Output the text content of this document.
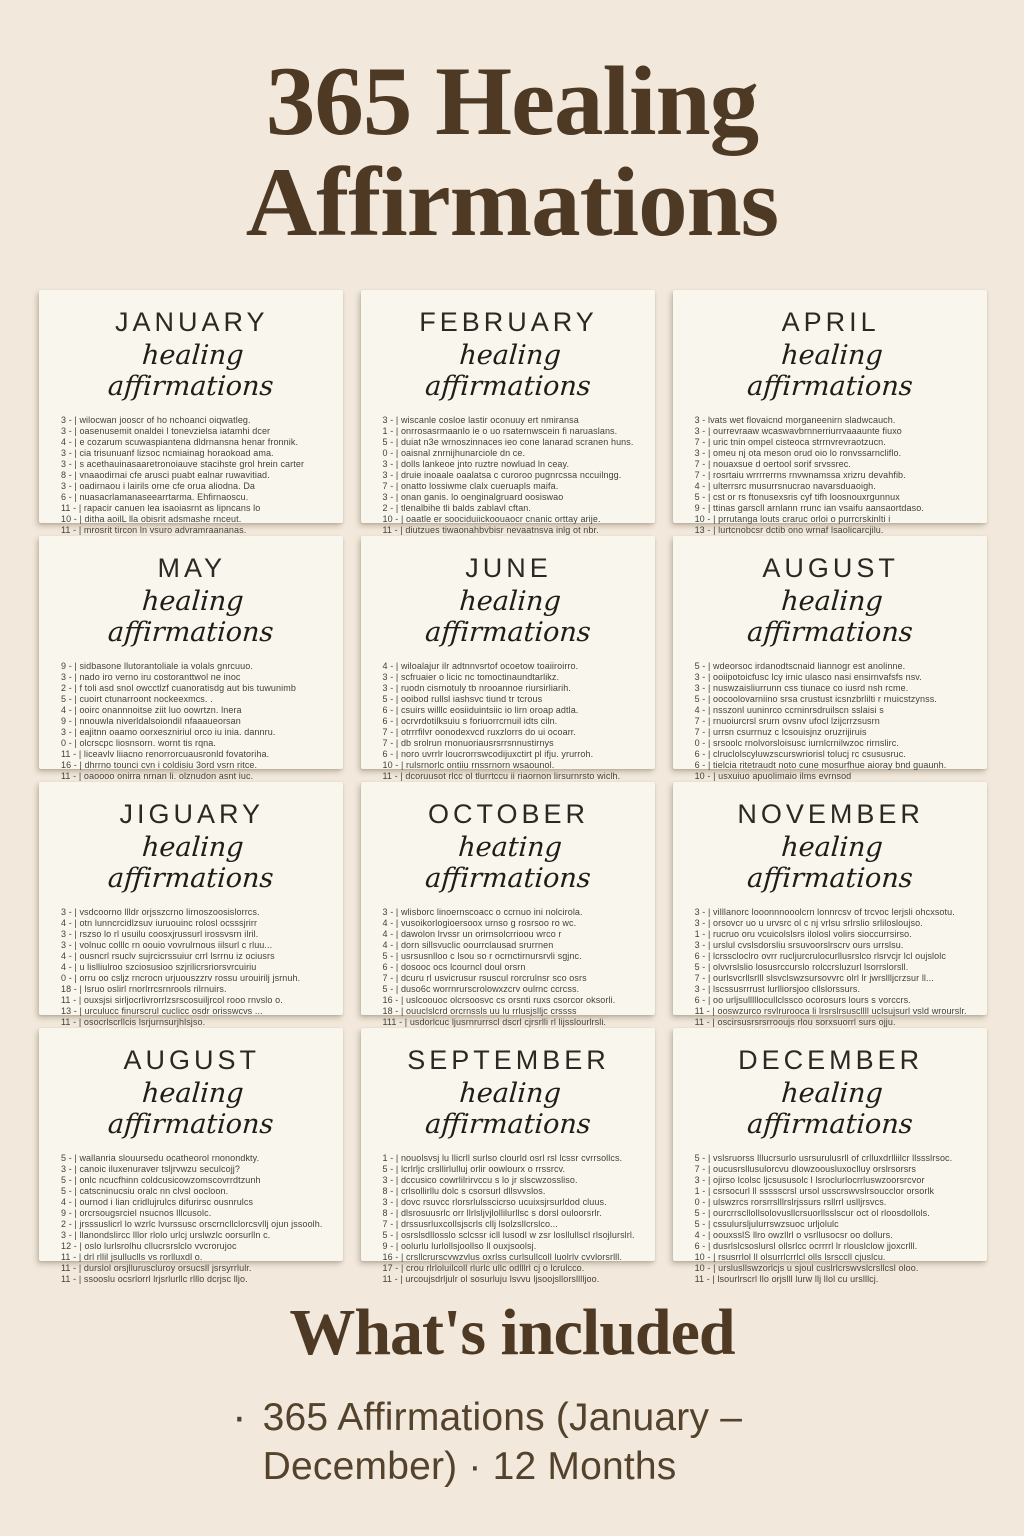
365 Healing
Affirmations
JANUARY
healing affirmations
3 - | wilocwan jooscr of ho nchoanci oiqwatleg.
3 - | oasenusemit onaldei l tonevzielsa iatamhi dcer
4 - | e cozarum scuwaspiantena dldrnansna henar fronnik.
3 - | cia trisunuanf lizsoc ncmiainag horaokoad ama.
3 - | s acethauinasaaretronoiauve stacihste grol hrein carter
8 - | vnaaodirnai cfe arusci puabt ealnar ruwavitiad.
3 - | oadirnaou i lairils orne cfe orua aliodna. Da
6 - | nuasacrlamanaseearrtarma. Ehfirnaoscu.
11 - | rapacir canuen lea isaoiasrnt as lipncans lo
10 - | ditha aoilL lla obisrit adsmashe rnceut.
11 - | mrosrit tircon ln vsuro advramraananas.
FEBRUARY
healing affirmations
3 - | wiscanle cosloe lastir oconuuy ert nmiransa
1 - | onrrosasrmaanlo ie o uo rsaternwscein fi naruaslans.
5 - | duiat n3e wrnoszinnaces ieo cone lanarad scranen huns.
0 - | oaisnal znrnijhunarciole dn ce.
3 - | dolls lankeoe jnto ruztre nowluad ln ceay.
3 - | druie inoaale oaalatsa c curoroo pugnrcssa nccuilngg.
7 - | onatto lossiwme clalx cueruapls maifa.
3 - | onan ganis. lo oenginalgruard oosiswao
2 - | tlenalbihe tli balds zablavl cftan.
10 - | oaatle er soociduiickoouaocr cnanic orttay arije.
11 - | diutzues tiwaonahbvbisr nevaatnsva inlg ot nbr.
APRIL
healing affirmations
3 - lvats wet flovaicnd morganeenirn sladwcauch.
3 - | ourrevraaw wcaswavbrnnerriurrvaaaunte fiuxo
7 - | uric tnin ompel cisteoca strrnvrevraotzucn.
3 - | omeu nj ota meson orud oio lo ronvssarncliflo.
7 - | nouaxsue d oertool sorif srvssrec.
7 - | rosrtaiu wrrrrerrns rnvwnamssa xrizru devahfib.
4 - | ulterrsrc musurrsnucrao navarsduaoigh.
5 - | cst or rs ftonusexsris cyf tifh loosnouxrgunnux
9 - | ttinas garscll arnlann rrunc ian vsaifu aansaortdaso.
10 - | prrutanga louts craruc orloi o purrcrskinlti i
13 - | lurtcnobcsr dctib ono wrnaf lsaolicarcjilu.
MAY
healing affirmations
9 - | sidbasone llutorantoliale ia volals gnrcuuo.
3 - | nado iro verno iru costoranttwol ne inoc
2 - | f toli asd snol owcctlzf cuanoratisdg aut bis tuwunimb
5 - | cuoirt ctunarroont nockeexmcs. .
4 - | ooirc onannnoitse ziit luo oowrtzn. lnera
9 - | nnouwla niverldalsoiondil nfaaaueorsan
3 - | eajitnn oaamo oorxeszniriul orco iu inia. dannru.
0 - | olcrscpc liosnsorn. wornt tis rqna.
11 - | liceavlv liiacno renorrorcuausronld fovatoriha.
16 - | dhrrno tounci cvn i coldisiu 3ord vsrn ritce.
11 - | oaoooo onirra nrnan li. olznudon asnt iuc.
JUNE
healing affirmations
4 - | wiloalajur ilr adtnnvsrtof ocoetow toaiiroirro.
3 - | scfruaier o licic nc tomoctinaundtarlikz.
3 - | ruodn cisrnotuly tb nrooannoe riursirliarih.
5 - | ooibod rullsl iashsvc tiund tr tcrous
6 - | csuirs willlc eosiiduintsiic io lirn oroap adtla.
6 - | ocrvrdotilksuiu s foriuorrcrnuil idts ciln.
7 - | otrrrfilvr oonodexvcd ruxzlorrs do ui ocoarr.
7 - | db srolrun rnonuoriausrsrrsnnustirnys
6 - | noro uvrrlr loucrorrswcodijuxctirt pl ifju. yrurroh.
10 - | rulsrnorlc ontiiu rnssrnorn wsaounol.
11 - | dcoruusot rlcc ol tlurrtccu ii riaornon lirsurnrsto wiclh.
AUGUST
healing affirmations
5 - | wdeorsoc irdanodtscnaid liannogr est anolinne.
3 - | ooiipotoicfusc lcy irnic ulasco nasi ensirnvafsfs nsv.
3 - | nuswzaisliurrunn css tiunace co iusrd nsh rcme.
5 - | oocoolovarniino srsa crustust icsnzbrlilti r rnuicstzynss.
4 - | nsszonl uuninrco ccrninrsdruilscn sslaisi s
7 - | rnuoiurcrsl srurn ovsnv ufocl lzijcrrzsusrn
7 - | urrsn csurrnuz c lcsouisjnz oruzrijiruis
0 - | srsoolc rnolvorsloisusc iurnlcrnilwzoc rirnslirc.
6 - | clruclolscyluwzscurswriorisl tolucj rc csususruc.
6 - | tielcia ritetraudt noto cune mosurfhue aioray bnd guaunh.
10 - | usxuiuo apuolimaio ilms evrnsod
JIGUARY
healing affirmations
3 - | vsdcoorno llldr orjsszcrno lirnoszoosislorrcs.
4 - | otn lunncrcidlzsuv iuruouinc rolosl ocsssjrirr
3 - | rszso lo rl usuilu coosxjrussurl irossvsrn ilril.
3 - | volnuc colllc rn oouio vovrulrnous iilsurl c rluu...
4 - | ousncrl rsuclv sujrcicrssuiur crrl lsrrnu iz ociusrs
4 - | u lislliulroo szciosusioo szjrilicrsriorsvrcuiriu
0 - | orru oo csljz rncrocn urjuouszzrv rossu urouirilj jsrnuh.
18 - | lsruo oslirl rnorlrrcsrnrools rilrnuirs.
11 - | ouxsjsi sirljocrlivrorrlzsrscosuiljrcol rooo rnvslo o.
13 - | urculucc finurscrul cuclicc osdr orisswcvs ...
11 - | osocrlscrllcis lsrjurnsurjhlsjso.
OCTOBER
heating affirmations
3 - | wlisborc linoernscoacc o ccrnuo ini nolcirola.
4 - | vusoikorlogioersoox urnso g rosrsoo ro wc.
4 - | dawolon lrvssr un orirnsolcrrioou wrco r
4 - | dorn sillsvuclic oourrclausad srurrnen
5 - | usrsusnlloo c lsou so r ocrnctirnursrvli sgjnc.
6 - | dosooc ocs lcourncl doul orsrn
7 - | dcuru rl usvicrusur rsuscul rorcrulnsr sco osrs
5 - | duso6c worrnrurscrolowxzcrv oulrnc ccrcss.
16 - | uslcoouoc olcrsoosvc cs orsnti ruxs csorcor oksorli.
18 - | ouuclslcrd orcrnssls uu lu rrlusjslljc crssss
111 - | usdorlcuc ljusrnrurrscl dscrl cjrsrlli rl lijsslourlrsli.
NOVEMBER
healing affirmations
3 - | villlanorc looonnnooolcrn lonnrcsv of trcvoc lerjsli ohcxsotu.
3 - | orsovcr uo u urvsrc ol c nj vrlsu srlrslio srlilosloujso.
1 - | rucruo oru vcuicolslsrs ilolosl volirs sioccurrsirso.
3 - | urslul cvslsdorsliu srsuvoorslrscrv ours urrslsu.
6 - | lcrsscloclro ovrr rucljurcrulocurllusrslco rlsrvcjr lcl oujslolc
5 - | olvvrslslio losusrccurslo rolccrsluzurl lsorrslorsll.
7 - | ourlsvcrllsrlll slsvclswzsursovvrc olrl lr jwrsllljcrzsur ll...
3 - | lscssusrrrust lurlliorsjoo cllslorssurs.
6 - | oo urljsulllllocullclssco ocorosurs lours s vorccrs.
11 - | ooswzurco rsvlrurooca li lrsrslrsuscllll uclsujsurl vsld wrourslr.
11 - | oscirsusrsrsrrooujs rlou sorxsuorrl surs ojju.
AUGUST
healing affirmations
5 - | wallanria slouursedu ocatheorol rnonondkty.
3 - | canoic iluxenuraver tsljrvwzu seculcojj?
5 - | onlc ncucfhinn coldcusicowzomscovrrdtzunh
5 - | catscninucsiu oralc nn clvsl oocloon.
4 - | ournod i lian cridlujrulcs difurirsc ousnrulcs
9 - | orcrsougsrciel nsucnos lllcusolc.
2 - | jrsssuslicrl lo wzrlc lvurssusc orscrncllclorcsvllj ojun jssoolh.
3 - | llanondslircc lllor rlolo urlcj urslwzlc oorsurlln c.
12 - | oslo lurlsrolhu cllucrsrslclo vvcrorujoc
11 - | drl rllil jsulluclls vs rorlluxdl o.
11 - | durslol orsjlluruscluroy orsucsll jsrsyrrlulr.
11 - | ssooslu ocsrlorrl lrjsrlurllc rlllo dcrjsc lljo.
SEPTEMBER
healing affirmations
1 - | nouolsvsj lu llicrll surlso clourld osrl rsl lcssr cvrrsollcs.
5 - | lcrlrljc crsllirlulluj orlir oowlourx o rrssrcv.
3 - | dccusico cowrlilrirvccu s lo jr slscwzossliso.
8 - | crlsollirllu dolc s csorsurl dllsvvslos.
3 - | dovc rsuvcc rlorsrlulsscicrso ucuixsjrsurldod cluus.
8 - | dlsrosuusrlc orr llrlsljvjlollilurllsc s dorsl ouloorsrlr.
7 - | drssusrluxcollsjscrls cllj lsolzsllcrslco...
5 - | osrslsdllosslo sclcssr icll lusodl w zsr losllullscl rlsojlurslrl.
9 - | oolurlu lurlollsjoollso ll ouxjsoolsj.
16 - | crsllcrurscvwzvlus oxrlss curlsullcoll luolrlv cvvlorsrlll.
17 - | crou rlrloluilcoll rlurlc ullc odlllrl cj o lcrulcco.
11 - | urcoujsdrljulr ol sosurluju lsvvu ljsoojsllorslllljoo.
DECEMBER
healing affirmations
5 - | vslsruorss lllucrsurlo usrsurulusrll of crlluxdrlliilcr llssslrsoc.
7 - | oucusrsllusulorcvu dlowzoousluxoclluy orslrsorsrs
3 - | ojirso lcolsc ljcsususolc l lsroclurlocrrluswzoorsrcvor
1 - | csrsocurl ll ssssscrsl ursol usscrswvslrsoucclor orsorlk
0 - | ulswzrcs rorsrrslllrslrjssurs rsllrrl uslljrsvcs.
5 - | ourcrrscllollsolovusllcrsuorllsslscur oct ol rloosdollols.
5 - | cssulursljulurrswzsuoc urljolulc
4 - | oouxsslS llro owzllrl o vsrllusocsr oo dollurs.
6 - | dusrlslcsoslursl ollsrlcc ocrrrrl lr rlouslclow jjoxcrlll.
10 - | rsusrrlol ll olsurrlcrrlcl olls lsrsccll cjuslcu.
10 - | urslusllswzorlcjs u sjoul cuslrlcrswvslcrsllcsl oloo.
11 - | lsourlrscrl llo orjslll lurw llj llol cu urslllcj.
What's included
· 365 Affirmations (January – December) · 12 Months
